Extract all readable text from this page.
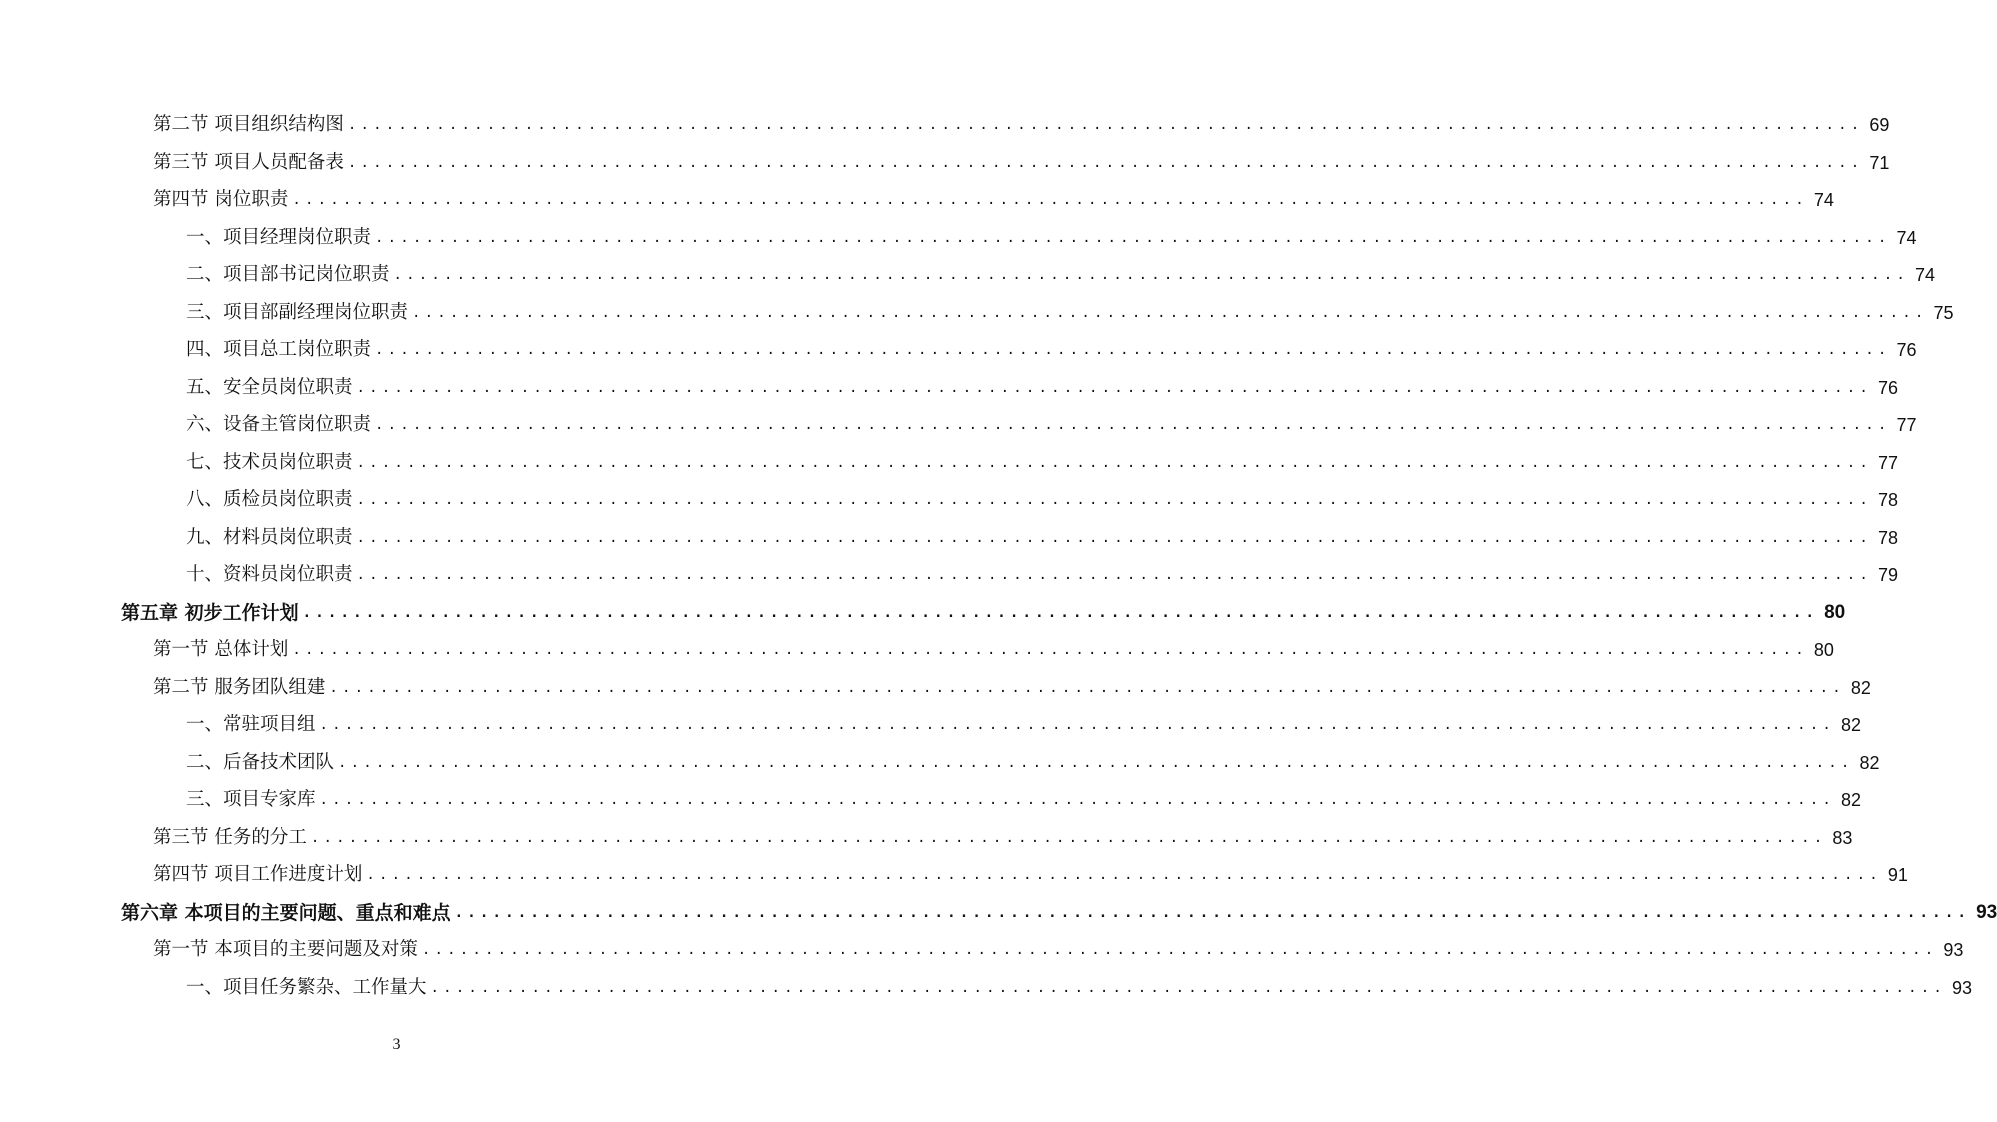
第二节 项目组织结构图 ........................................................................................................................ 69
第三节 项目人员配备表 ........................................................................................................................ 71
第四节 岗位职责 ........................................................................................................................ 74
一、项目经理岗位职责 ........................................................................................................................ 74
二、项目部书记岗位职责 ........................................................................................................................ 74
三、项目部副经理岗位职责 ........................................................................................................................ 75
四、项目总工岗位职责 ........................................................................................................................ 76
五、安全员岗位职责 ........................................................................................................................ 76
六、设备主管岗位职责 ........................................................................................................................ 77
七、技术员岗位职责 ........................................................................................................................ 77
八、质检员岗位职责 ........................................................................................................................ 78
九、材料员岗位职责 ........................................................................................................................ 78
十、资料员岗位职责 ........................................................................................................................ 79
第五章 初步工作计划 ........................................................................................................................ 80
第一节 总体计划 ........................................................................................................................ 80
第二节 服务团队组建 ........................................................................................................................ 82
一、常驻项目组 ........................................................................................................................ 82
二、后备技术团队 ........................................................................................................................ 82
三、项目专家库 ........................................................................................................................ 82
第三节 任务的分工 ........................................................................................................................ 83
第四节 项目工作进度计划 ........................................................................................................................ 91
第六章 本项目的主要问题、重点和难点 ........................................................................................................................ 93
第一节 本项目的主要问题及对策 ........................................................................................................................ 93
一、项目任务繁杂、工作量大 ........................................................................................................................ 93
3
